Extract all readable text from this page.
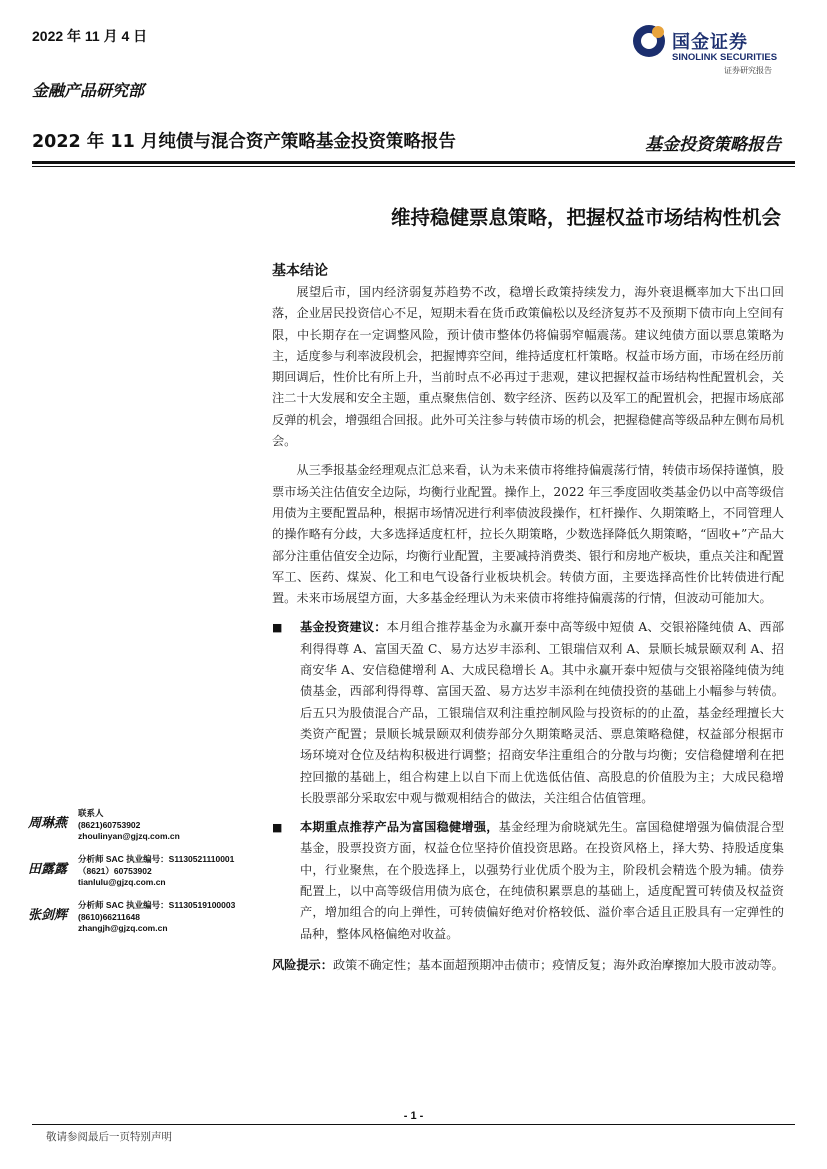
2022 年 11 月 4 日	国金证券
SINOLINK SECURITIES
证券研究报告
金融产品研究部
2022 年 11 月纯债与混合资产策略基金投资策略报告	基金投资策略报告
维持稳健票息策略，把握权益市场结构性机会
基本结论

展望后市，国内经济弱复苏趋势不改，稳增长政策持续发力，海外衰退概率加大下出口回落，企业居民投资信心不足，短期未看在货币政策偏松以及经济复苏不及预期下债市向上空间有限，中长期存在一定调整风险，预计债市整体仍将偏弱窄幅震荡。建议纯债方面以票息策略为主，适度参与利率波段机会，把握博弈空间，维持适度杠杆策略。权益市场方面，市场在经历前期回调后，性价比有所上升，当前时点不必再过于悲观，建议把握权益市场结构性配置机会，关注二十大发展和安全主题，重点聚焦信创、数字经济、医药以及军工的配置机会，把握市场底部反弹的机会，增强组合回报。此外可关注参与转债市场的机会，把握稳健高等级品种左侧布局机会。

从三季报基金经理观点汇总来看，认为未来债市将维持偏震荡行情，转债市场保持谨慎，股票市场关注估值安全边际，均衡行业配置。操作上，2022 年三季度固收类基金仍以中高等级信用债为主要配置品种，根据市场情况进行利率债波段操作，杠杆操作、久期策略上，不同管理人的操作略有分歧，大多选择适度杠杆，拉长久期策略，少数选择降低久期策略，“固收+”产品大部分注重估值安全边际，均衡行业配置，主要减持消费类、银行和房地产板块，重点关注和配置军工、医药、煤炭、化工和电气设备行业板块机会。转债方面，主要选择高性价比转债进行配置。未来市场展望方面，大多基金经理认为未来债市将维持偏震荡的行情，但波动可能加大。

■ 基金投资建议：本月组合推荐基金为永赢开泰中高等级中短债 A、交银裕隆纯债 A、西部利得得尊 A、富国天盈 C、易方达岁丰添利、工银瑞信双利 A、景顺长城景颐双利 A、招商安华 A、安信稳健增利 A、大成民稳增长 A。其中永赢开泰中短债与交银裕隆纯债为纯债基金，西部利得得尊、富国天盈、易方达岁丰添利在纯债投资的基础上小幅参与转债。后五只为股债混合产品，工银瑞信双利注重控制风险与投资标的的止盈，基金经理擅长大类资产配置；景顺长城景颐双利债券部分久期策略灵活、票息策略稳健，权益部分根据市场环境对仓位及结构积极进行调整；招商安华注重组合的分散与均衡；安信稳健增利在把控回撤的基础上，组合构建上以自下而上优选低估值、高股息的价值股为主；大成民稳增长股票部分采取宏中观与微观相结合的做法，关注组合估值管理。
■ 本期重点推荐产品为富国稳健增强，基金经理为俞晓斌先生。富国稳健增强为偏债混合型基金，股票投资方面，权益仓位坚持价值投资思路。在投资风格上，择大势、持股适度集中，行业聚焦，在个股选择上，以强势行业优质个股为主，阶段机会精选个股为辅。债券配置上，以中高等级信用债为底仓，在纯债积累票息的基础上，适度配置可转债及权益资产，增加组合的向上弹性，可转债偏好绝对价格较低、溢价率合适且正股具有一定弹性的品种，整体风格偏绝对收益。
风险提示：政策不确定性；基本面超预期冲击债市；疫情反复；海外政治摩擦加大股市波动等。
周琳燕
联系人
(8621)60753902
zhoulinyan@gjzq.com.cn
田露露
分析师 SAC 执业编号：S1130521110001
（8621）60753902
tianlulu@gjzq.com.cn
张剑辉
分析师 SAC 执业编号：S1130519100003
(8610)66211648
zhangjh@gjzq.com.cn
- 1 -
敬请参阅最后一页特别声明
